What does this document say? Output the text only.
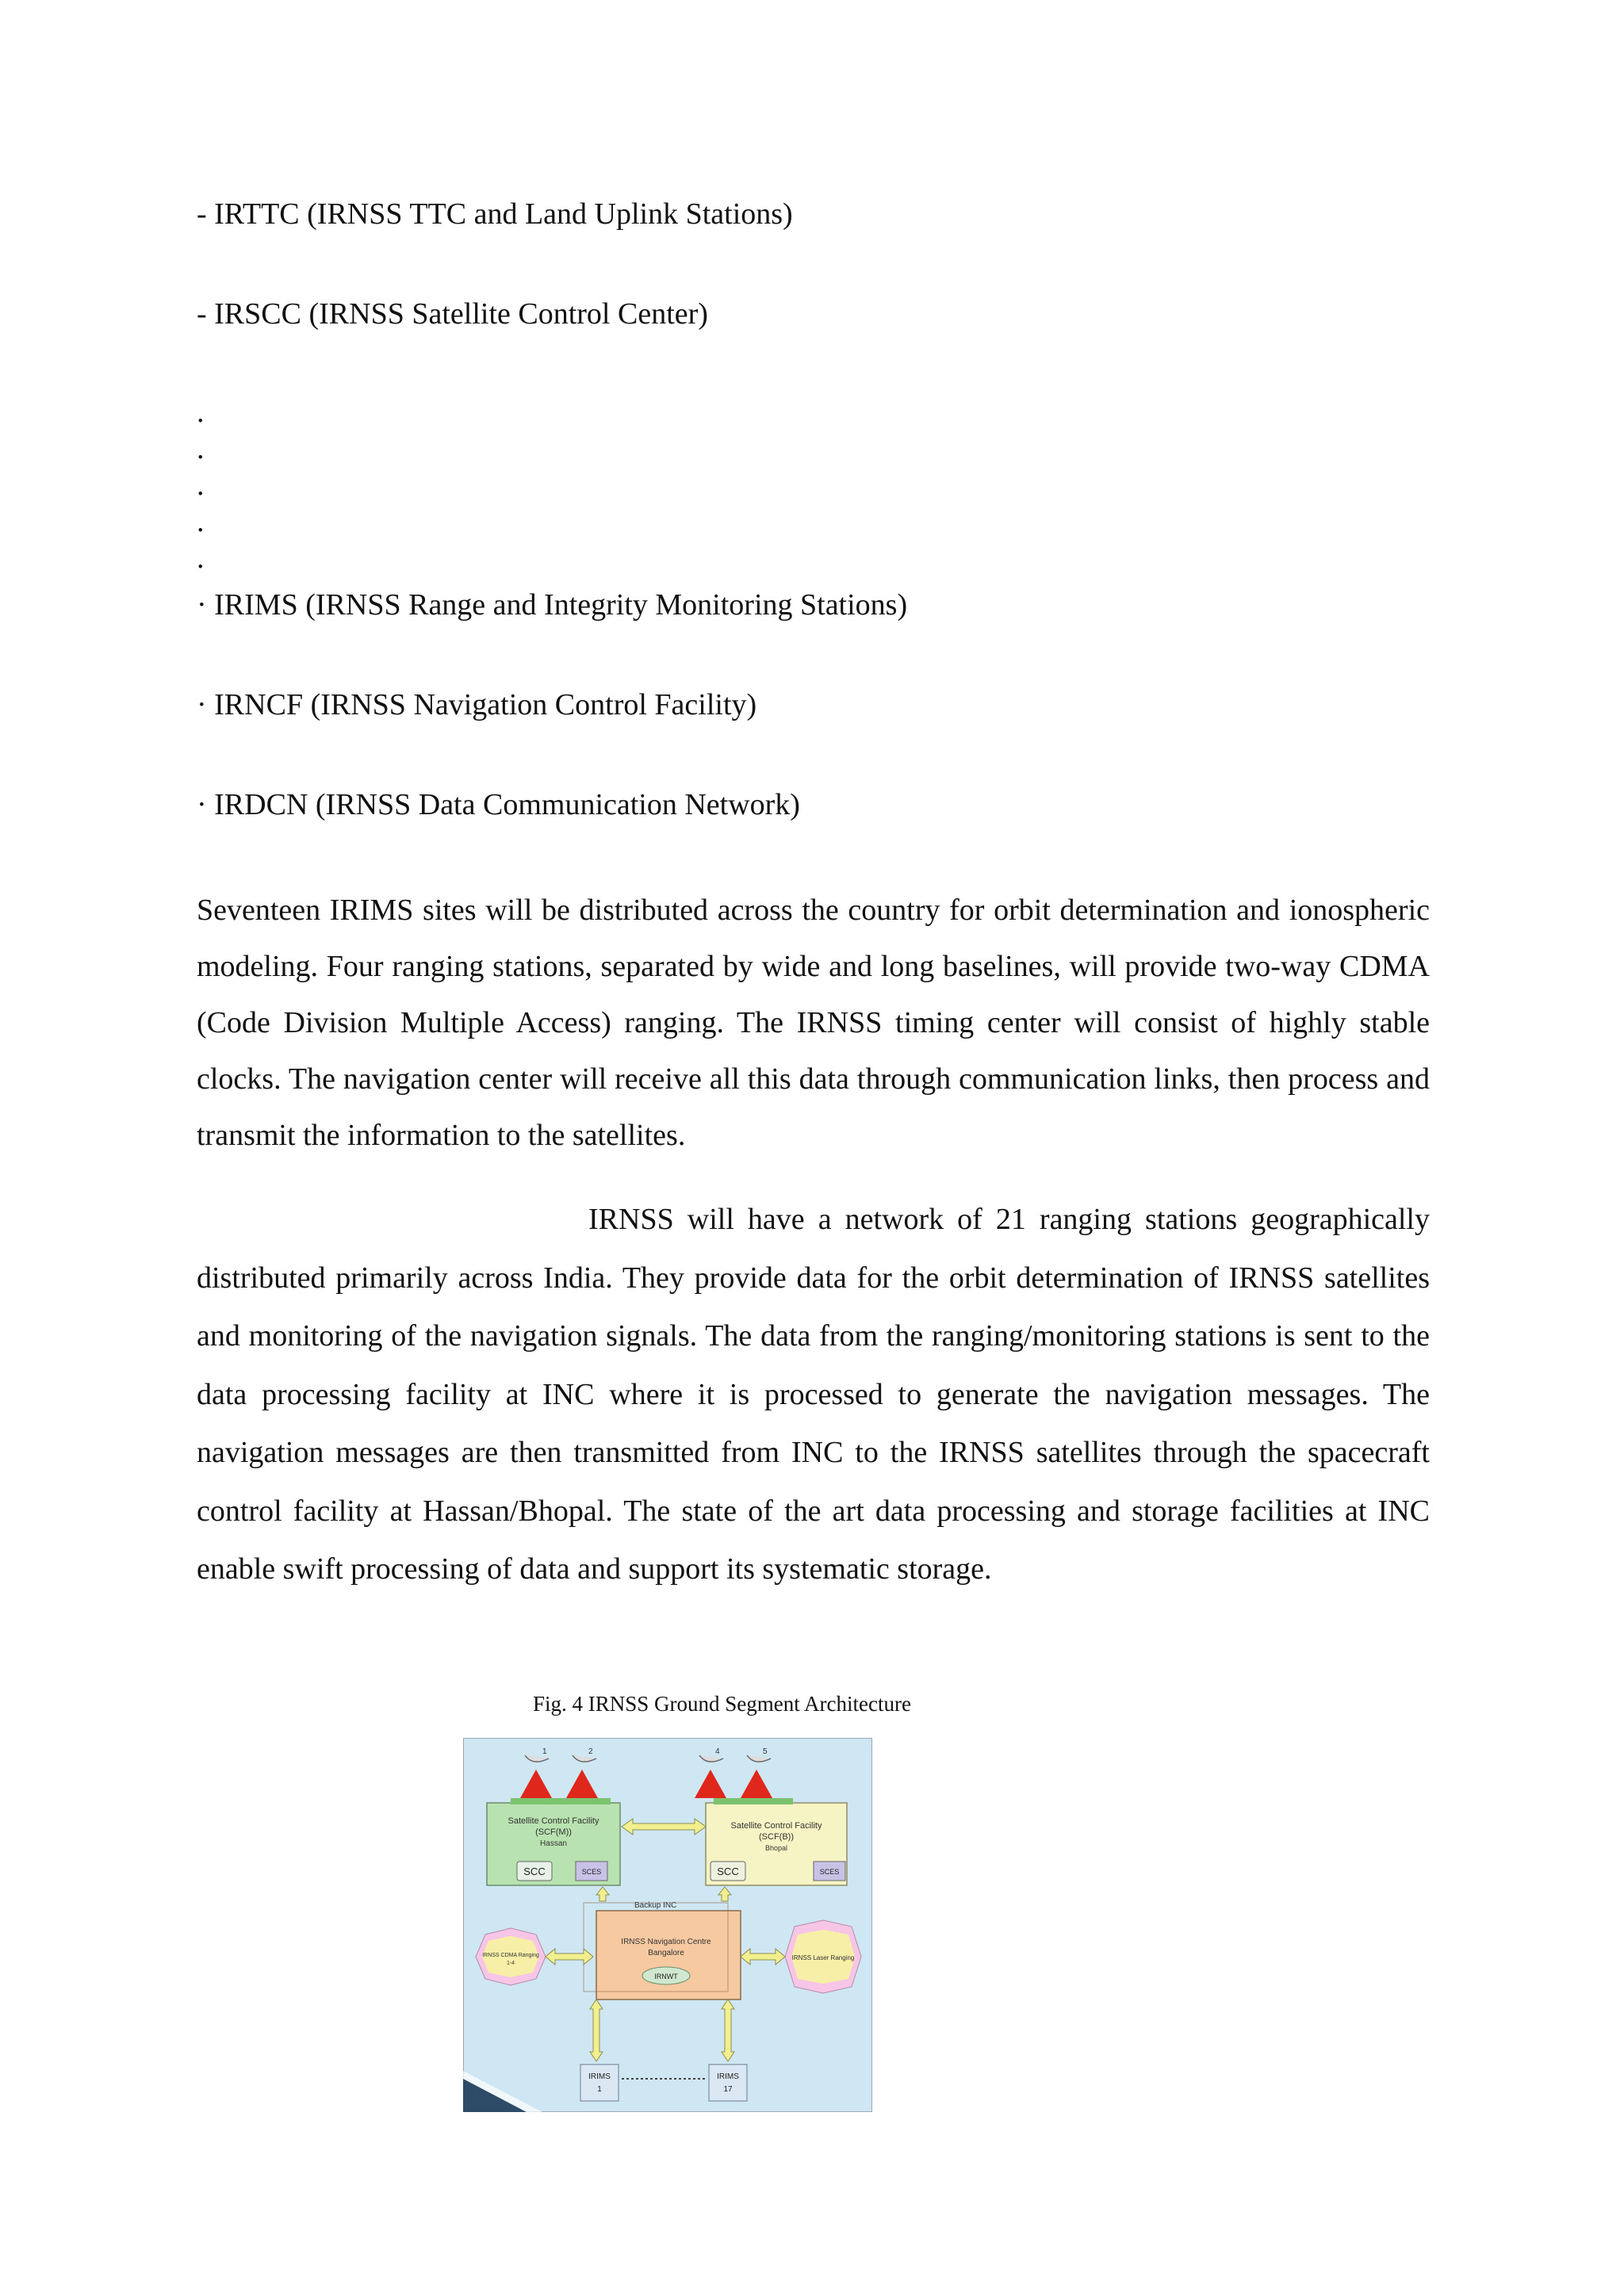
- IRTTC (IRNSS TTC and Land Uplink Stations)
- IRSCC (IRNSS Satellite Control Center)
.
.
.
.
.
· IRIMS (IRNSS Range and Integrity Monitoring Stations)
· IRNCF (IRNSS Navigation Control Facility)
· IRDCN (IRNSS Data Communication Network)

Seventeen IRIMS sites will be distributed across the country for orbit determination and ionospheric modeling. Four ranging stations, separated by wide and long baselines, will provide two-way CDMA (Code Division Multiple Access) ranging. The IRNSS timing center will consist of highly stable clocks. The navigation center will receive all this data through communication links, then process and transmit the information to the satellites.

IRNSS will have a network of 21 ranging stations geographically distributed primarily across India. They provide data for the orbit determination of IRNSS satellites and monitoring of the navigation signals. The data from the ranging/monitoring stations is sent to the data processing facility at INC where it is processed to generate the navigation messages. The navigation messages are then transmitted from INC to the IRNSS satellites through the spacecraft control facility at Hassan/Bhopal. The state of the art data processing and storage facilities at INC enable swift processing of data and support its systematic storage.

Fig. 4 IRNSS Ground Segment Architecture
1	2	4	5
Satellite Control Facility
(SCF(M))
Hassan
SCC	SCES
Satellite Control Facility
(SCF(B))
Bhopal
SCC	SCES
Backup INC
IRNSS Navigation Centre
Bangalore
IRNWT
IRNSS CDMA Ranging
1-4
IRNSS Laser Ranging
IRIMS
1
IRIMS
17
